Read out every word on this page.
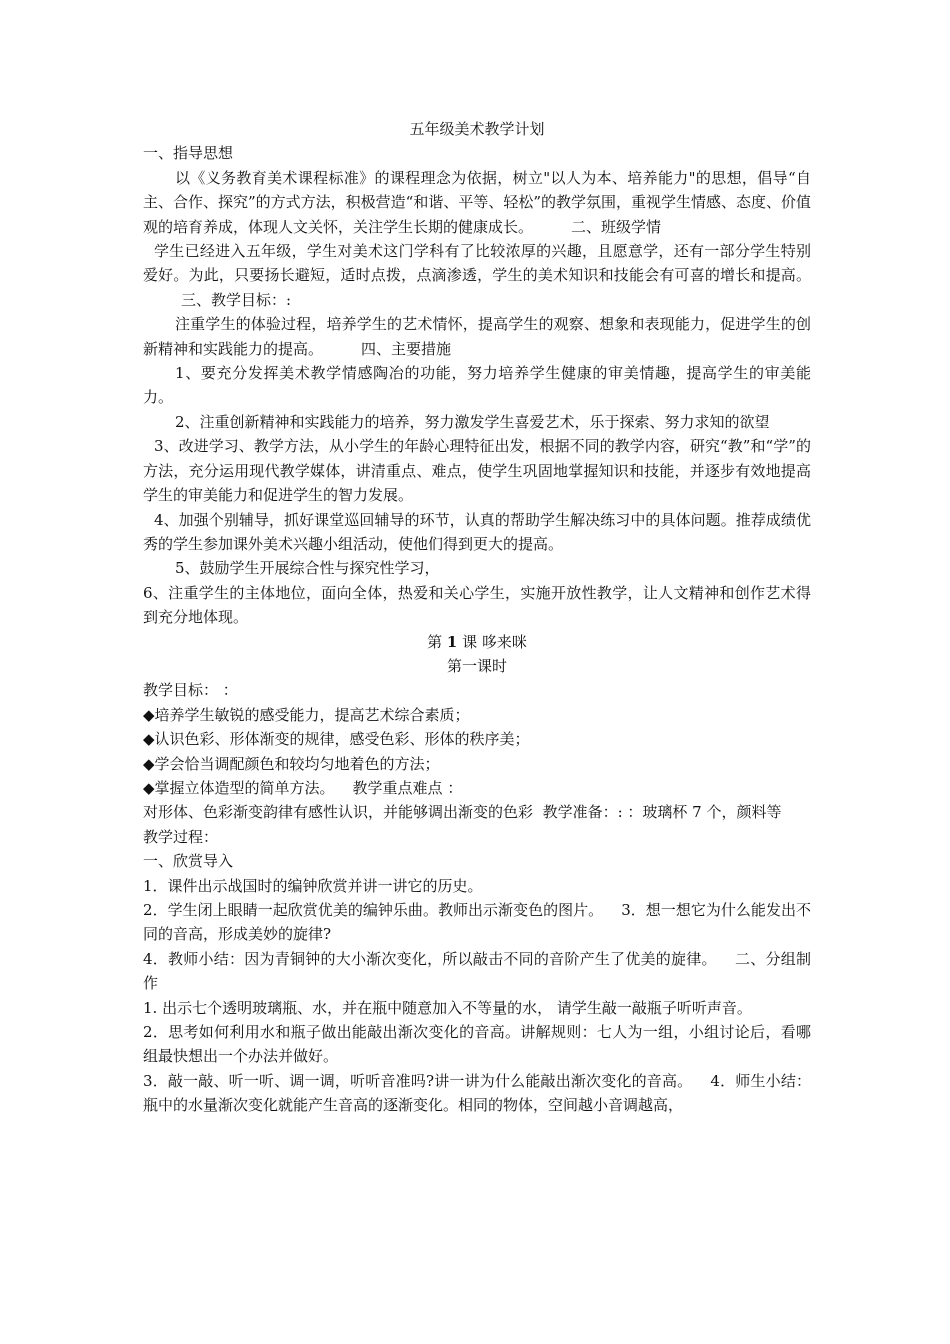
五年级美术教学计划

一、指导思想

以《义务教育美术课程标准》的课程理念为依据，树立"以人为本、培养能力"的思想，倡导“自主、合作、探究”的方式方法，积极营造“和谐、平等、轻松”的教学氛围，重视学生情感、态度、价值观的培育养成，体现人文关怀，关注学生长期的健康成长。	二、班级学情

学生已经进入五年级，学生对美术这门学科有了比较浓厚的兴趣，且愿意学，还有一部分学生特别爱好。为此，只要扬长避短，适时点拨，点滴渗透，学生的美术知识和技能会有可喜的增长和提高。三、教学目标：:

注重学生的体验过程，培养学生的艺术情怀，提高学生的观察、想象和表现能力，促进学生的创新精神和实践能力的提高。	四、主要措施

1、要充分发挥美术教学情感陶冶的功能，努力培养学生健康的审美情趣，提高学生的审美能力。

2、注重创新精神和实践能力的培养，努力激发学生喜爱艺术，乐于探索、努力求知的欲望

3、改进学习、教学方法，从小学生的年龄心理特征出发，根据不同的教学内容，研究“教”和“学”的方法，充分运用现代教学媒体，讲清重点、难点，使学生巩固地掌握知识和技能，并逐步有效地提高学生的审美能力和促进学生的智力发展。

4、加强个别辅导，抓好课堂巡回辅导的环节，认真的帮助学生解决练习中的具体问题。推荐成绩优秀的学生参加课外美术兴趣小组活动，使他们得到更大的提高。

5、鼓励学生开展综合性与探究性学习，

6、注重学生的主体地位，面向全体，热爱和关心学生，实施开放性教学，让人文精神和创作艺术得到充分地体现。

第 1 课 哆来咪

第一课时

教学目标： ：

◆培养学生敏锐的感受能力，提高艺术综合素质；

◆认识色彩、形体渐变的规律，感受色彩、形体的秩序美；

◆学会恰当调配颜色和较均匀地着色的方法；

◆掌握立体造型的简单方法。 教学重点难点 ：

对形体、色彩渐变韵律有感性认识，并能够调出渐变的色彩 教学准备：: ：玻璃杯 7 个，颜料等

教学过程：

一、欣赏导入

1．课件出示战国时的编钟欣赏并讲一讲它的历史。

2．学生闭上眼睛一起欣赏优美的编钟乐曲。教师出示渐变色的图片。 3．想一想它为什么能发出不同的音高，形成美妙的旋律?

4．教师小结：因为青铜钟的大小渐次变化，所以敲击不同的音阶产生了优美的旋律。 二、分组制作

1. 出示七个透明玻璃瓶、水，并在瓶中随意加入不等量的水， 请学生敲一敲瓶子听听声音。

2．思考如何利用水和瓶子做出能敲出渐次变化的音高。讲解规则：七人为一组，小组讨论后，看哪组最快想出一个办法并做好。

3．敲一敲、听一听、调一调，听听音准吗?讲一讲为什么能敲出渐次变化的音高。 4．师生小结：瓶中的水量渐次变化就能产生音高的逐渐变化。相同的物体，空间越小音调越高，
